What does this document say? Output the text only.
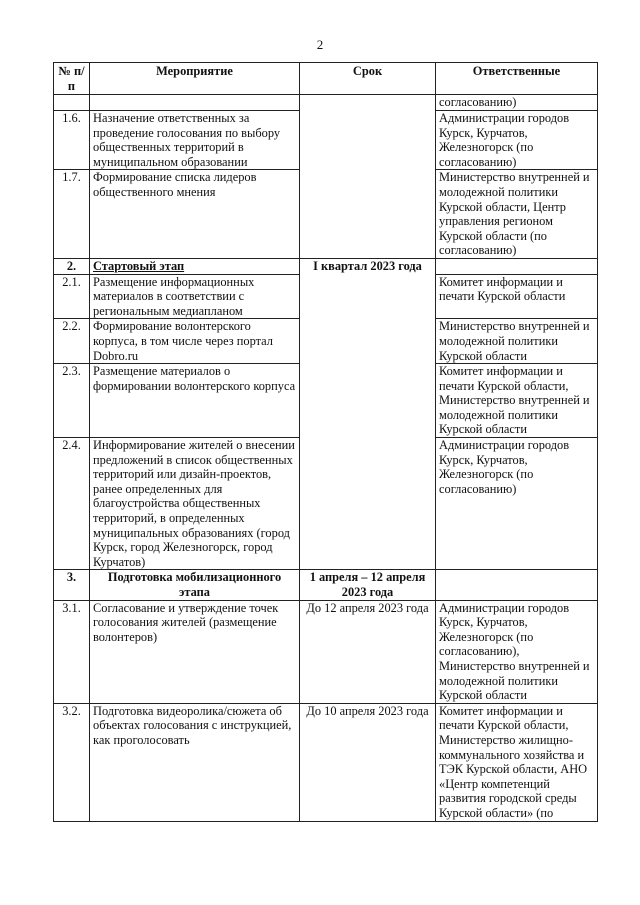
2
№ п/п	Мероприятие	Срок	Ответственные
			согласованию)
1.6.	Назначение ответственных за проведение голосования по выбору общественных территорий в муниципальном образовании		Администрации городов Курск, Курчатов, Железногорск (по согласованию)
1.7.	Формирование списка лидеров общественного мнения		Министерство внутренней и молодежной политики Курской области, Центр управления регионом Курской области (по согласованию)
2.	Стартовый этап	I квартал 2023 года	
2.1.	Размещение информационных материалов в соответствии с региональным медиапланом		Комитет информации и печати Курской области
2.2.	Формирование волонтерского корпуса, в том числе через портал Dobro.ru		Министерство внутренней и молодежной политики Курской области
2.3.	Размещение материалов о формировании волонтерского корпуса		Комитет информации и печати Курской области, Министерство внутренней и молодежной политики Курской области
2.4.	Информирование жителей о внесении предложений в список общественных территорий или дизайн-проектов, ранее определенных для благоустройства общественных территорий, в определенных муниципальных образованиях (город Курск, город Железногорск, город Курчатов)		Администрации городов Курск, Курчатов, Железногорск (по согласованию)
3.	Подготовка мобилизационного этапа	1 апреля – 12 апреля 2023 года	
3.1.	Согласование и утверждение точек голосования жителей (размещение волонтеров)	До 12 апреля 2023 года	Администрации городов Курск, Курчатов, Железногорск (по согласованию), Министерство внутренней и молодежной политики Курской области
3.2.	Подготовка видеоролика/сюжета об объектах голосования с инструкцией, как проголосовать	До 10 апреля 2023 года	Комитет информации и печати Курской области, Министерство жилищно-коммунального хозяйства и ТЭК Курской области, АНО «Центр компетенций развития городской среды Курской области» (по
